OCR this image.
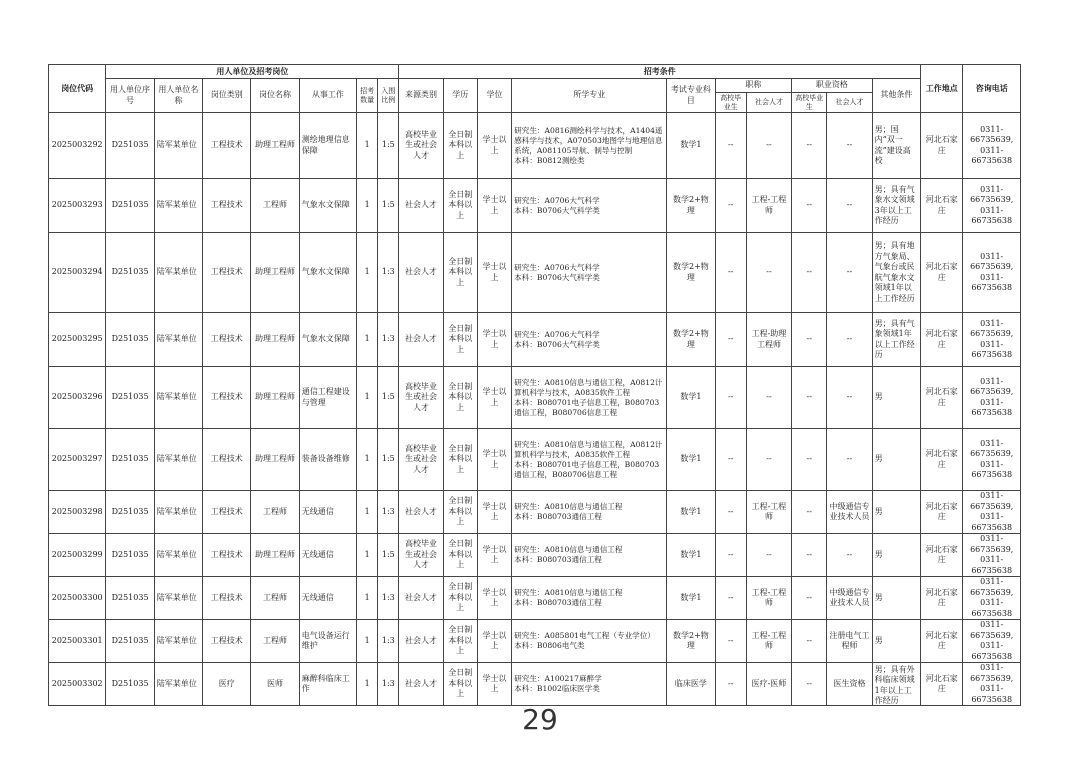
岗位代码	用人单位及招考岗位							招考条件										工作地点	咨询电话
	用人单位序　号	用人单位名　称	岗位类别	岗位名称	从事工作	招考数量	入围比例	来源类别	学历	学位	所学专业	考试专业科　目	职称		职业资格		其他条件		
													高校毕业生	社会人才	高校毕业生	社会人才			
2025003292	D251035	陆军某单位	工程技术	助理工程师	测绘地理信息保障	1	1:5	高校毕业生或社会人才	全日制本科以上	学士以上	研究生：A0816测绘科学与技术，A1404遥感科学与技术，A070503地图学与地理信息系统，A081105导航、制导与控制
本科：B0812测绘类	数学1	--	--	--	--	男；国内“双一流”建设高校	河北石家庄	0311-66735639, 0311-66735638
2025003293	D251035	陆军某单位	工程技术	工程师	气象水文保障	1	1:5	社会人才	全日制本科以上	学士以上	研究生：A0706大气科学
本科：B0706大气科学类	数学2+物理	--	工程-工程师	--	--	男；具有气象水文领域3年以上工作经历	河北石家庄	0311-66735639, 0311-66735638
2025003294	D251035	陆军某单位	工程技术	助理工程师	气象水文保障	1	1:3	社会人才	全日制本科以上	学士以上	研究生：A0706大气科学
本科：B0706大气科学类	数学2+物理	--	--	--	--	男；具有地方气象局、气象台或民航气象水文领域1年以上工作经历	河北石家庄	0311-66735639, 0311-66735638
2025003295	D251035	陆军某单位	工程技术	助理工程师	气象水文保障	1	1:3	社会人才	全日制本科以上	学士以上	研究生：A0706大气科学
本科：B0706大气科学类	数学2+物理	--	工程-助理工程师	--	--	男；具有气象领域1年以上工作经历	河北石家庄	0311-66735639, 0311-66735638
2025003296	D251035	陆军某单位	工程技术	助理工程师	通信工程建设与管理	1	1:5	高校毕业生或社会人才	全日制本科以上	学士以上	研究生：A0810信息与通信工程，A0812计算机科学与技术，A0835软件工程
本科：B080701电子信息工程，B080703通信工程，B080706信息工程	数学1	--	--	--	--	男	河北石家庄	0311-66735639, 0311-66735638
2025003297	D251035	陆军某单位	工程技术	助理工程师	装备设备维修	1	1:5	高校毕业生或社会人才	全日制本科以上	学士以上	研究生：A0810信息与通信工程，A0812计算机科学与技术，A0835软件工程
本科：B080701电子信息工程，B080703通信工程，B080706信息工程	数学1	--	--	--	--	男	河北石家庄	0311-66735639, 0311-66735638
2025003298	D251035	陆军某单位	工程技术	工程师	无线通信	1	1:3	社会人才	全日制本科以上	学士以上	研究生：A0810信息与通信工程
本科：B080703通信工程	数学1	--	工程-工程师	--	中级通信专业技术人员	男	河北石家庄	0311-66735639, 0311-66735638
2025003299	D251035	陆军某单位	工程技术	助理工程师	无线通信	1	1:5	高校毕业生或社会人才	全日制本科以上	学士以上	研究生：A0810信息与通信工程
本科：B080703通信工程	数学1	--	--	--	--	男	河北石家庄	0311-66735639, 0311-66735638
2025003300	D251035	陆军某单位	工程技术	工程师	无线通信	1	1:3	社会人才	全日制本科以上	学士以上	研究生：A0810信息与通信工程
本科：B080703通信工程	数学1	--	工程-工程师	--	中级通信专业技术人员	男	河北石家庄	0311-66735639, 0311-66735638
2025003301	D251035	陆军某单位	工程技术	工程师	电气设备运行维护	1	1:3	社会人才	全日制本科以上	学士以上	研究生：A085801电气工程（专业学位）
本科：B0806电气类	数学2+物理	--	工程-工程师	--	注册电气工程师	男	河北石家庄	0311-66735639, 0311-66735638
2025003302	D251035	陆军某单位	医疗	医师	麻醉科临床工作	1	1:3	社会人才	全日制本科以上	学士以上	研究生：A100217麻醉学
本科：B1002临床医学类	临床医学	--	医疗-医师	--	医生资格	男；具有外科临床领域1年以上工作经历	河北石家庄	0311-66735639, 0311-66735638
29
